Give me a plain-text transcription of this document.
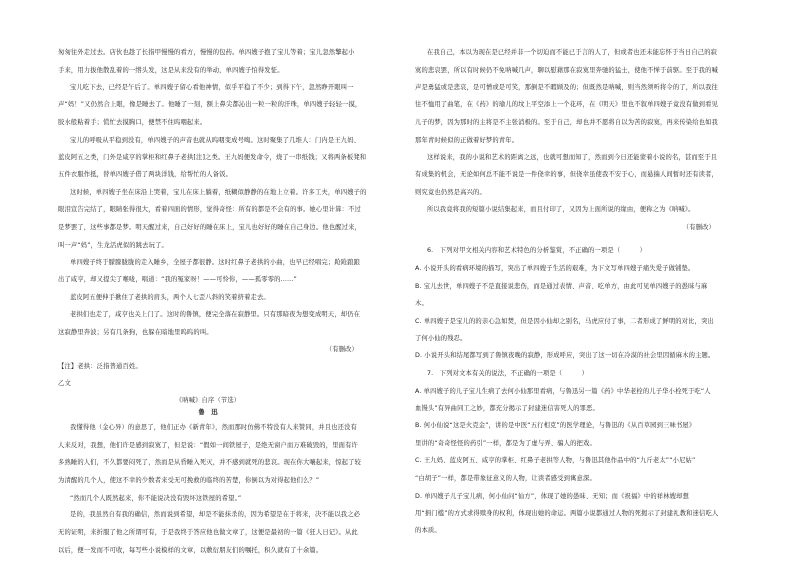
匆匆往外走过去。店伙也趁了长指甲慢慢的看方，慢慢的包药。单四嫂子抱了宝儿等着；宝儿忽然擎起小
手来，用力拔他散乱着的一绺头发，这是从来没有的举动，单四嫂子怕得发怔。
宝儿吃下去，已经是午后了。单四嫂子留心看他神情，似乎平稳了不少；到得下午，忽然睁开眼叫一
声“妈！”又仍然合上眼，像是睡去了。他睡了一刻，额上鼻尖都沁出一粒一粒的汗珠，单四嫂子轻轻一摸，
胶水般粘着手；慌忙去摸胸口，便禁不住呜咽起来。
宝儿的呼吸从平稳到没有，单四嫂子的声音也就从呜咽变成号啕。这时聚集了几堆人：门内是王九妈、
蓝皮阿五之类，门外是咸亨的掌柜和红鼻子老拱[注]之类。王九妈便发命令，烧了一串纸钱；又将两条板凳和
五件衣服作抵，替单四嫂子借了两块洋钱，给帮忙的人备饭。
这时候，单四嫂子坐在床沿上哭着，宝儿在床上躺着，纸糊似静静的在地上立着。许多工夫，单四嫂子的
眼泪宣告完结了，眼睛张得很大，看着四面的情形，觉得奇怪：所有的都是不会有的事。她心里计算：不过
是梦罢了，这些事都是梦。明天醒过来，自己好好的睡在床上，宝儿也好好的睡在自己身边。他也醒过来，
叫一声“妈”，生龙活虎似的跳去玩了。
单四嫂子终于朦朦胧胧的走入睡乡，全屋子都很静。这时红鼻子老拱的小曲，也早已经唱完；跄跄踉踉
出了咸亨，却又提尖了喉咙，唱道：“我的冤家呀！——可怜你，——孤零零的……”
蓝皮阿五便伸手揪住了老拱的肩头，两个人七歪八斜的笑着挤着走去。
老拱们也走了，咸亨也关上门了。这时的鲁镇，便完全落在寂静里。只有那暗夜为想变成明天，却仍在
这寂静里奔波；另有几条狗，也躲在暗地里呜呜的叫。
（有删改）
【注】老拱：泛指普通百姓。
乙文
《呐喊》自序（节选）
鲁　迅
我懂得他（金心异）的意思了，他们正办《新青年》，然而那时仿佛不特没有人来赞同，并且也还没有
人来反对，我想，他们许是感到寂寞了，但是说：“假如一间铁屋子，是绝无窗户而万难破毁的，里面有许
多熟睡的人们，不久都要闷死了，然而是从昏睡入死灭，并不感到就死的悲哀。现在你大嚷起来，惊起了较
为清醒的几个人，使这不幸的少数者来受无可挽救的临终的苦楚，你倒以为对得起他们么？”
“然而几个人既然起来，你不能说决没有毁坏这铁屋的希望。”
是的，我虽然自有我的确信，然而说到希望，却是不能抹杀的，因为希望是在于将来，决不能以我之必
无的证明，来折服了他之所谓可有，于是我终于答应他也做文章了，这便是最初的一篇《狂人日记》。从此
以后，便一发而不可收，每写些小说模样的文章，以敷衍朋友们的嘱托，积久就有了十余篇。
在我自己，本以为现在是已经并非一个切迫而不能已于言的人了，但或者也还未能忘怀于当日自己的寂
寞的悲哀罢，所以有时候仍不免呐喊几声，聊以慰藉那在寂寞里奔驰的猛士，使他不惮于前驱。至于我的喊
声是勇猛或是悲哀，是可憎或是可笑，那倒是不暇顾及的；但既然是呐喊，则当然须听将令的了，所以我往
往不恤用了曲笔，在《药》的瑜儿的坟上平空添上一个花环，在《明天》里也不叙单四嫂子竟没有做到看见
儿子的梦，因为那时的主将是不主张消极的。至于自己，却也并不愿将自以为苦的寂寞，再来传染给也如我
那年青时候似的正做着好梦的青年。
这样说来，我的小说和艺术的距离之远，也就可想而知了，然而到今日还能蒙着小说的名，甚而至于且
有成集的机会，无论如何总不能不说是一件侥幸的事，但侥幸虽使我不安于心，而悬揣人间暂时还有读者，
则究竟也仍然是高兴的。
所以我竟将我的短篇小说结集起来，而且付印了，又因为上面所说的缘由，便称之为《呐喊》。
（有删改）
6.　下列对甲文相关内容和艺术特色的分析鉴赏，不正确的一项是（　　　）
A. 小说开头的看病环境的描写，突出了单四嫂子生活的艰难，为下文写单四嫂子痛失爱子做铺垫。
B. 宝儿去世，单四嫂子不是直接说悲伤，而是通过表情、声音、吃单方，由此可见单四嫂子的愚昧与麻
木。
C. 单四嫂子是宝儿的的亲心急如焚，但是因小仙却之别名，马虎应付了事，二者形成了鲜明的对比，突出
了何小仙的残忍。
D. 小说开头和结尾都写到了鲁镇夜晚的寂静，形成呼应，突出了这一切在冷漠的社会里因循麻木的主题。
7.　下列对文本有关的说法，不正确的一项是（　　　）
A. 单四嫂子的儿子宝儿生病了去何小仙那里看病，与鲁迅另一篇《药》中华老栓的儿子华小栓死于吃“人
血馒头”有异曲同工之妙，都充分揭示了封建迷信害死人的罪恶。
B. 何小仙说“这是火克金”，讲的是中医“五行相克”的医学理论，与鲁迅的《从百草园到三味书屋》
里讲的“奇奇怪怪的药引”一样，都是为了虚与弄、骗人的把戏。
C. 王九妈、蓝皮阿五、咸亨的掌柜、红鼻子老拱等人物，与鲁迅其他作品中的“九斤老太”“小尼姑”
“白胡子”一样，都是带象征意义的人物，让读者感受到寓意深。
D. 单四嫂子儿子宝儿病，何小仙问“仙方”，体现了她的愚昧、无知；而《祝福》中的祥林嫂却想
用“捐门槛”的方式求得赎身的权利，体现出她的命运。两篇小说都通过人物的死揭示了封建礼教和迷信吃人
的本质。
